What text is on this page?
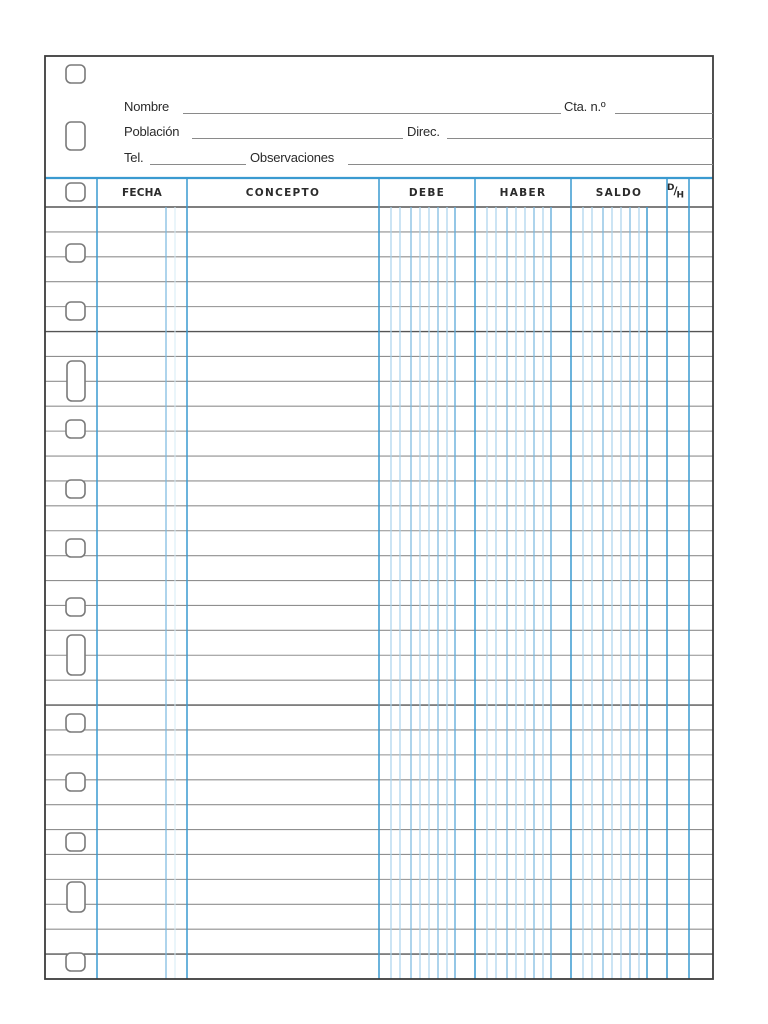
Nombre	Cta. n.º
Población	Direc.
Tel.	Observaciones
FECHA	CONCEPTO	DEBE	HABER	SALDO	$^D/_H$
